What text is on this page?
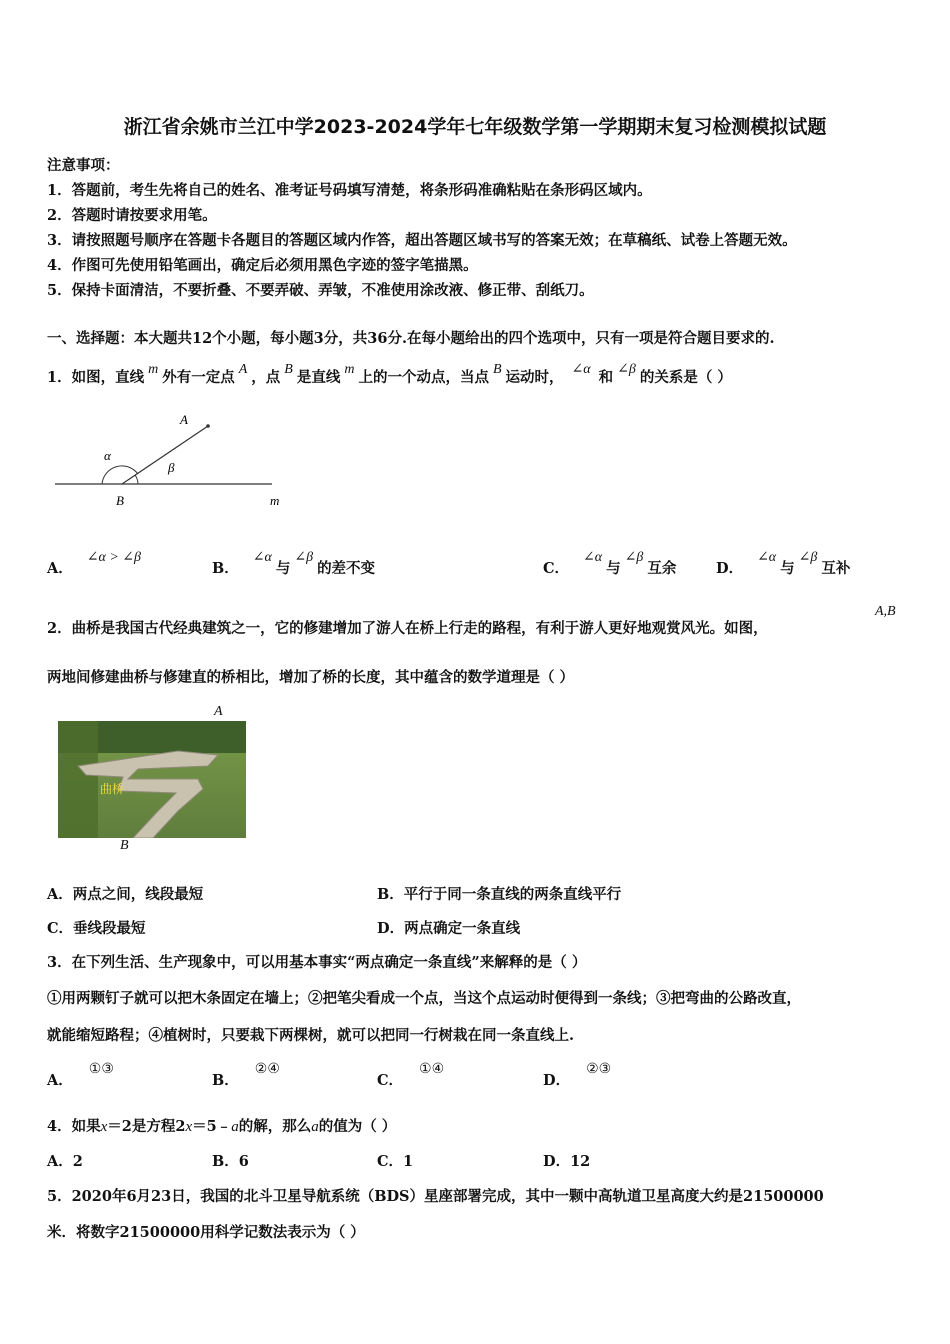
浙江省余姚市兰江中学2023-2024学年七年级数学第一学期期末复习检测模拟试题
注意事项：
1．答题前，考生先将自己的姓名、准考证号码填写清楚，将条形码准确粘贴在条形码区域内。
2．答题时请按要求用笔。
3．请按照题号顺序在答题卡各题目的答题区域内作答，超出答题区域书写的答案无效；在草稿纸、试卷上答题无效。
4．作图可先使用铅笔画出，确定后必须用黑色字迹的签字笔描黑。
5．保持卡面清洁，不要折叠、不要弄破、弄皱，不准使用涂改液、修正带、刮纸刀。
一、选择题：本大题共12个小题，每小题3分，共36分.在每小题给出的四个选项中，只有一项是符合题目要求的.
1．如图，直线 m 外有一定点 A ，点 B 是直线 m 上的一个动点，当点 B 运动时， ∠α 和 ∠β 的关系是（ ）
A
B	m
α
β
A．∠α > ∠β
B．∠α与∠β的差不变	C．∠α与∠β互余	D．∠α与∠β互补
2．曲桥是我国古代经典建筑之一，它的修建增加了游人在桥上行走的路程，有利于游人更好地观赏风光。如图，
A,B
两地间修建曲桥与修建直的桥相比，增加了桥的长度，其中蕴含的数学道理是（ ）
A
曲桥
B
A．两点之间，线段最短	B．平行于同一条直线的两条直线平行
C．垂线段最短	D．两点确定一条直线
3．在下列生活、生产现象中，可以用基本事实“两点确定一条直线”来解释的是（ ）
①用两颗钉子就可以把木条固定在墙上；②把笔尖看成一个点，当这个点运动时便得到一条线；③把弯曲的公路改直，
就能缩短路程；④植树时，只要栽下两棵树，就可以把同一行树栽在同一条直线上.
A．①③
B．②④
C．①④
D．②③
4．如果x＝2是方程2x＝5﹣a的解，那么a的值为（ ）
A．2	B．6	C．1	D．12
5．2020年6月23日，我国的北斗卫星导航系统（BDS）星座部署完成，其中一颗中高轨道卫星高度大约是21500000
米．将数字21500000用科学记数法表示为（ ）
